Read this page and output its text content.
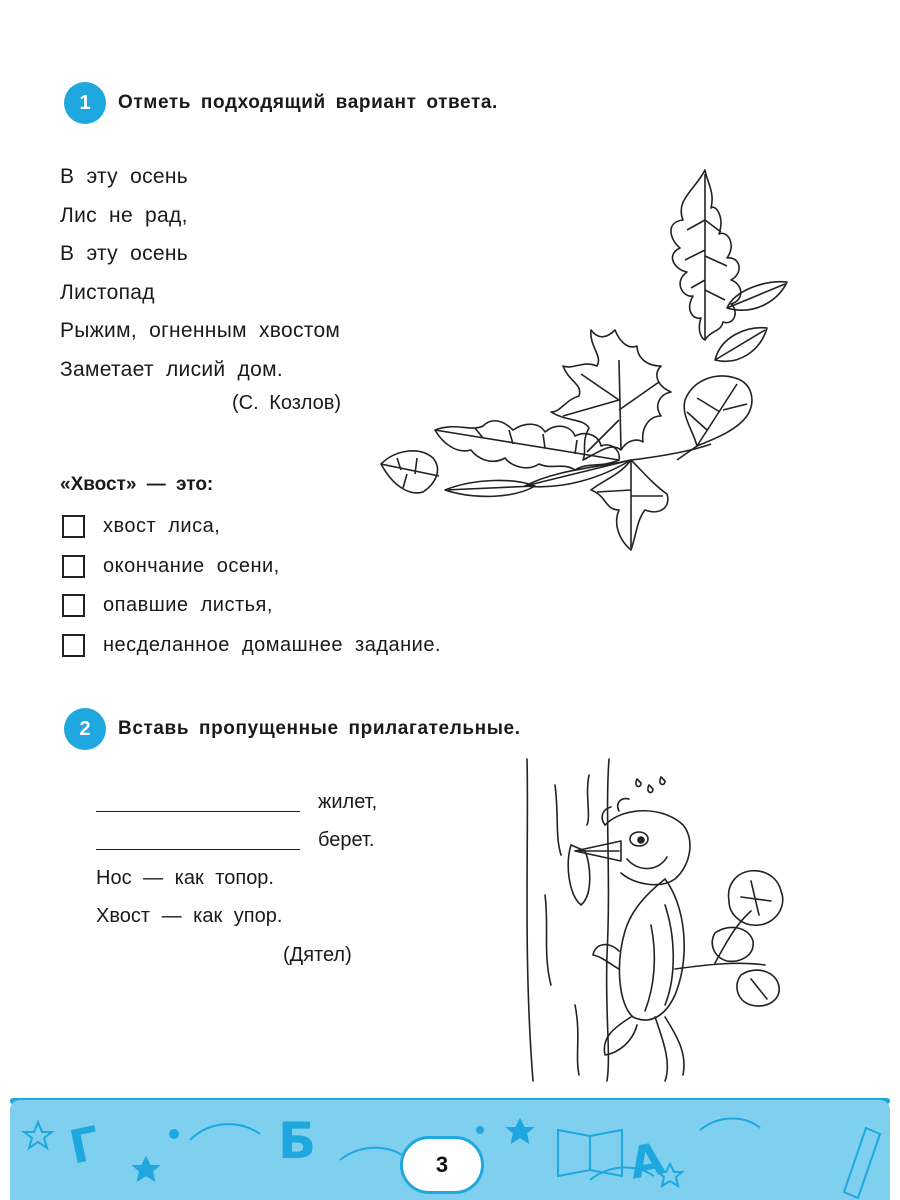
1	Отметь подходящий вариант ответа.
В эту осень
Лис не рад,
В эту осень
Листопад
Рыжим, огненным хвостом
Заметает лисий дом.
(С. Козлов)
«Хвост» — это:
хвост лиса,
окончание осени,
опавшие листья,
несделанное домашнее задание.
2	Вставь пропущенные прилагательные.
жилет,
берет.
Нос — как топор.
Хвост — как упор.
(Дятел)
Г	Б	А
3
